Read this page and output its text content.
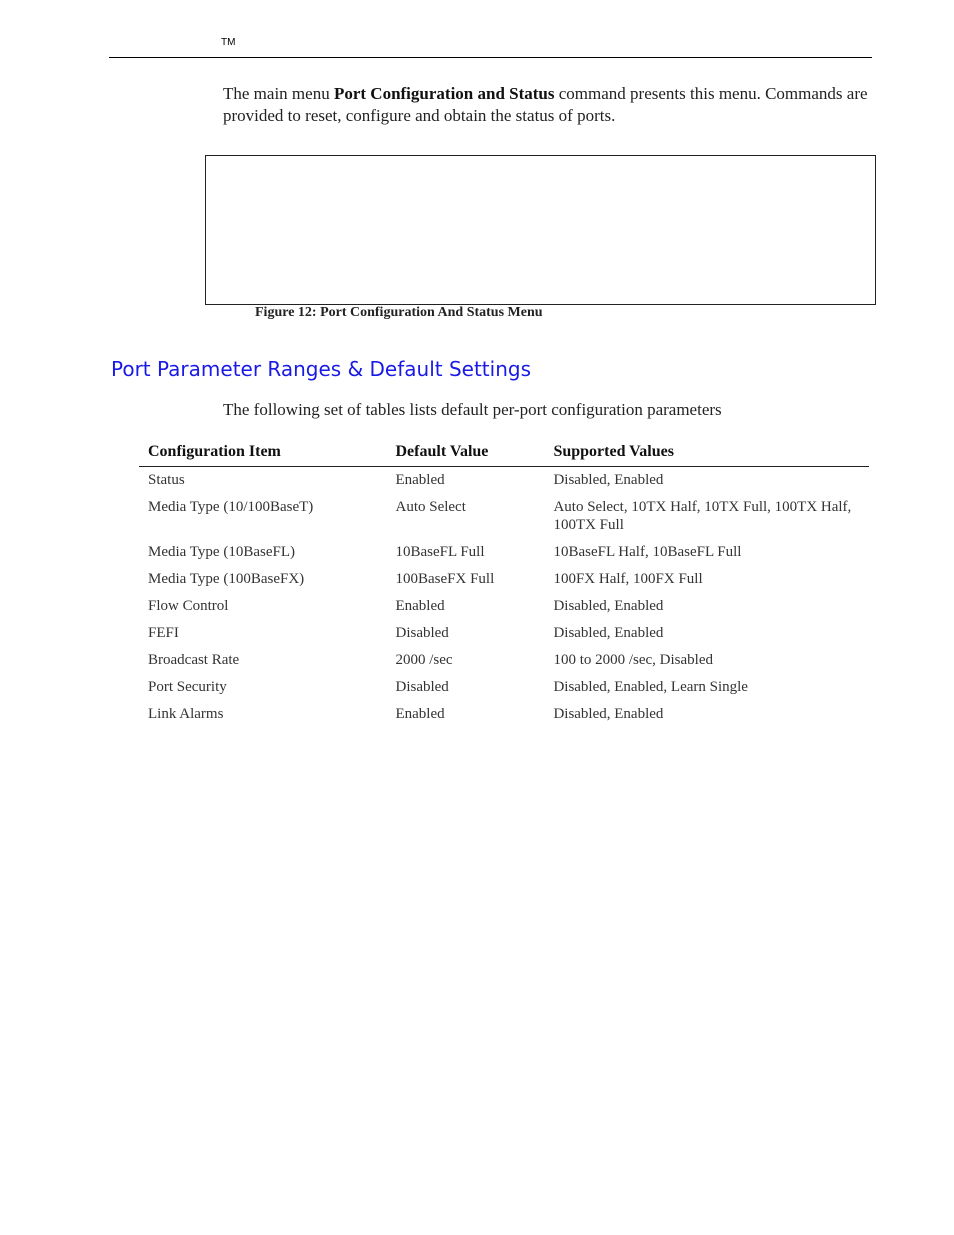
TM

The main menu Port Configuration and Status command presents this menu. Commands are provided to reset, configure and obtain the status of ports.

Figure 12: Port Configuration And Status Menu
Port Parameter Ranges & Default Settings

The following set of tables lists default per-port configuration parameters

Configuration Item	Default Value	Supported Values
Status	Enabled	Disabled, Enabled
Media Type (10/100BaseT)	Auto Select	Auto Select, 10TX Half, 10TX Full, 100TX Half, 100TX Full
Media Type (10BaseFL)	10BaseFL Full	10BaseFL Half, 10BaseFL Full
Media Type (100BaseFX)	100BaseFX Full	100FX Half, 100FX Full
Flow Control	Enabled	Disabled, Enabled
FEFI	Disabled	Disabled, Enabled
Broadcast Rate	2000 /sec	100 to 2000 /sec, Disabled
Port Security	Disabled	Disabled, Enabled, Learn Single
Link Alarms	Enabled	Disabled, Enabled
